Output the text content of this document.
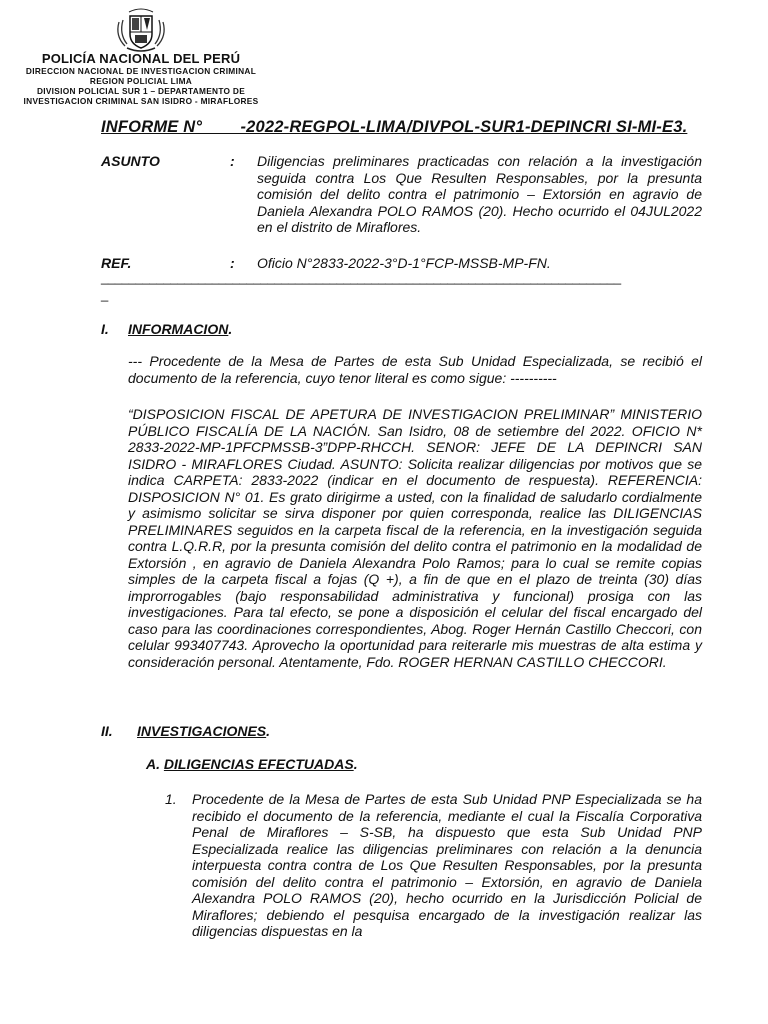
POLICÍA NACIONAL DEL PERÚ
DIRECCION NACIONAL DE INVESTIGACION CRIMINAL
REGION POLICIAL LIMA
DIVISION POLICIAL SUR 1 – DEPARTAMENTO DE
INVESTIGACION CRIMINAL SAN ISIDRO - MIRAFLORES
INFORME N°        -2022-REGPOL-LIMA/DIVPOL-SUR1-DEPINCRI SI-MI-E3.
ASUNTO	: Diligencias preliminares practicadas con relación a la investigación seguida contra Los Que Resulten Responsables, por la presunta comisión del delito contra el patrimonio – Extorsión en agravio de Daniela Alexandra POLO RAMOS (20). Hecho ocurrido el 04JUL2022 en el distrito de Miraflores.
REF.	: Oficio N°2833-2022-3°D-1°FCP-MSSB-MP-FN.
___________________________________________________________________________
_
I. INFORMACION.
--- Procedente de la Mesa de Partes de esta Sub Unidad Especializada, se recibió el documento de la referencia, cuyo tenor literal es como sigue: ----------
“DISPOSICION FISCAL DE APETURA DE INVESTIGACION PRELIMINAR” MINISTERIO PÚBLICO FISCALÍA DE LA NACIÓN. San Isidro, 08 de setiembre del 2022. OFICIO N* 2833-2022-MP-1PFCPMSSB-3”DPP-RHCCH. SENOR: JEFE DE LA DEPINCRI SAN ISIDRO - MIRAFLORES Ciudad. ASUNTO: Solicita realizar diligencias por motivos que se indica CARPETA: 2833-2022 (indicar en el documento de respuesta). REFERENCIA: DISPOSICION N° 01. Es grato dirigirme a usted, con la finalidad de saludarlo cordialmente y asimismo solicitar se sirva disponer por quien corresponda, realice las DILIGENCIAS PRELIMINARES seguidos en la carpeta fiscal de la referencia, en la investigación seguida contra L.Q.R.R, por la presunta comisión del delito contra el patrimonio en la modalidad de Extorsión , en agravio de Daniela Alexandra Polo Ramos; para lo cual se remite copias simples de la carpeta fiscal a fojas (Q +), a fin de que en el plazo de treinta (30) días improrrogables (bajo responsabilidad administrativa y funcional) prosiga con las investigaciones. Para tal efecto, se pone a disposición el celular del fiscal encargado del caso para las coordinaciones correspondientes, Abog. Roger Hernán Castillo Checcori, con celular 993407743. Aprovecho la oportunidad para reiterarle mis muestras de alta estima y consideración personal. Atentamente, Fdo. ROGER HERNAN CASTILLO CHECCORI.
II. INVESTIGACIONES.
A. DILIGENCIAS EFECTUADAS.
1. Procedente de la Mesa de Partes de esta Sub Unidad PNP Especializada se ha recibido el documento de la referencia, mediante el cual la Fiscalía Corporativa Penal de Miraflores – S-SB, ha dispuesto que esta Sub Unidad PNP Especializada realice las diligencias preliminares con relación a la denuncia interpuesta contra contra de Los Que Resulten Responsables, por la presunta comisión del delito contra el patrimonio – Extorsión, en agravio de Daniela Alexandra POLO RAMOS (20), hecho ocurrido en la Jurisdicción Policial de Miraflores; debiendo el pesquisa encargado de la investigación realizar las diligencias dispuestas en la
